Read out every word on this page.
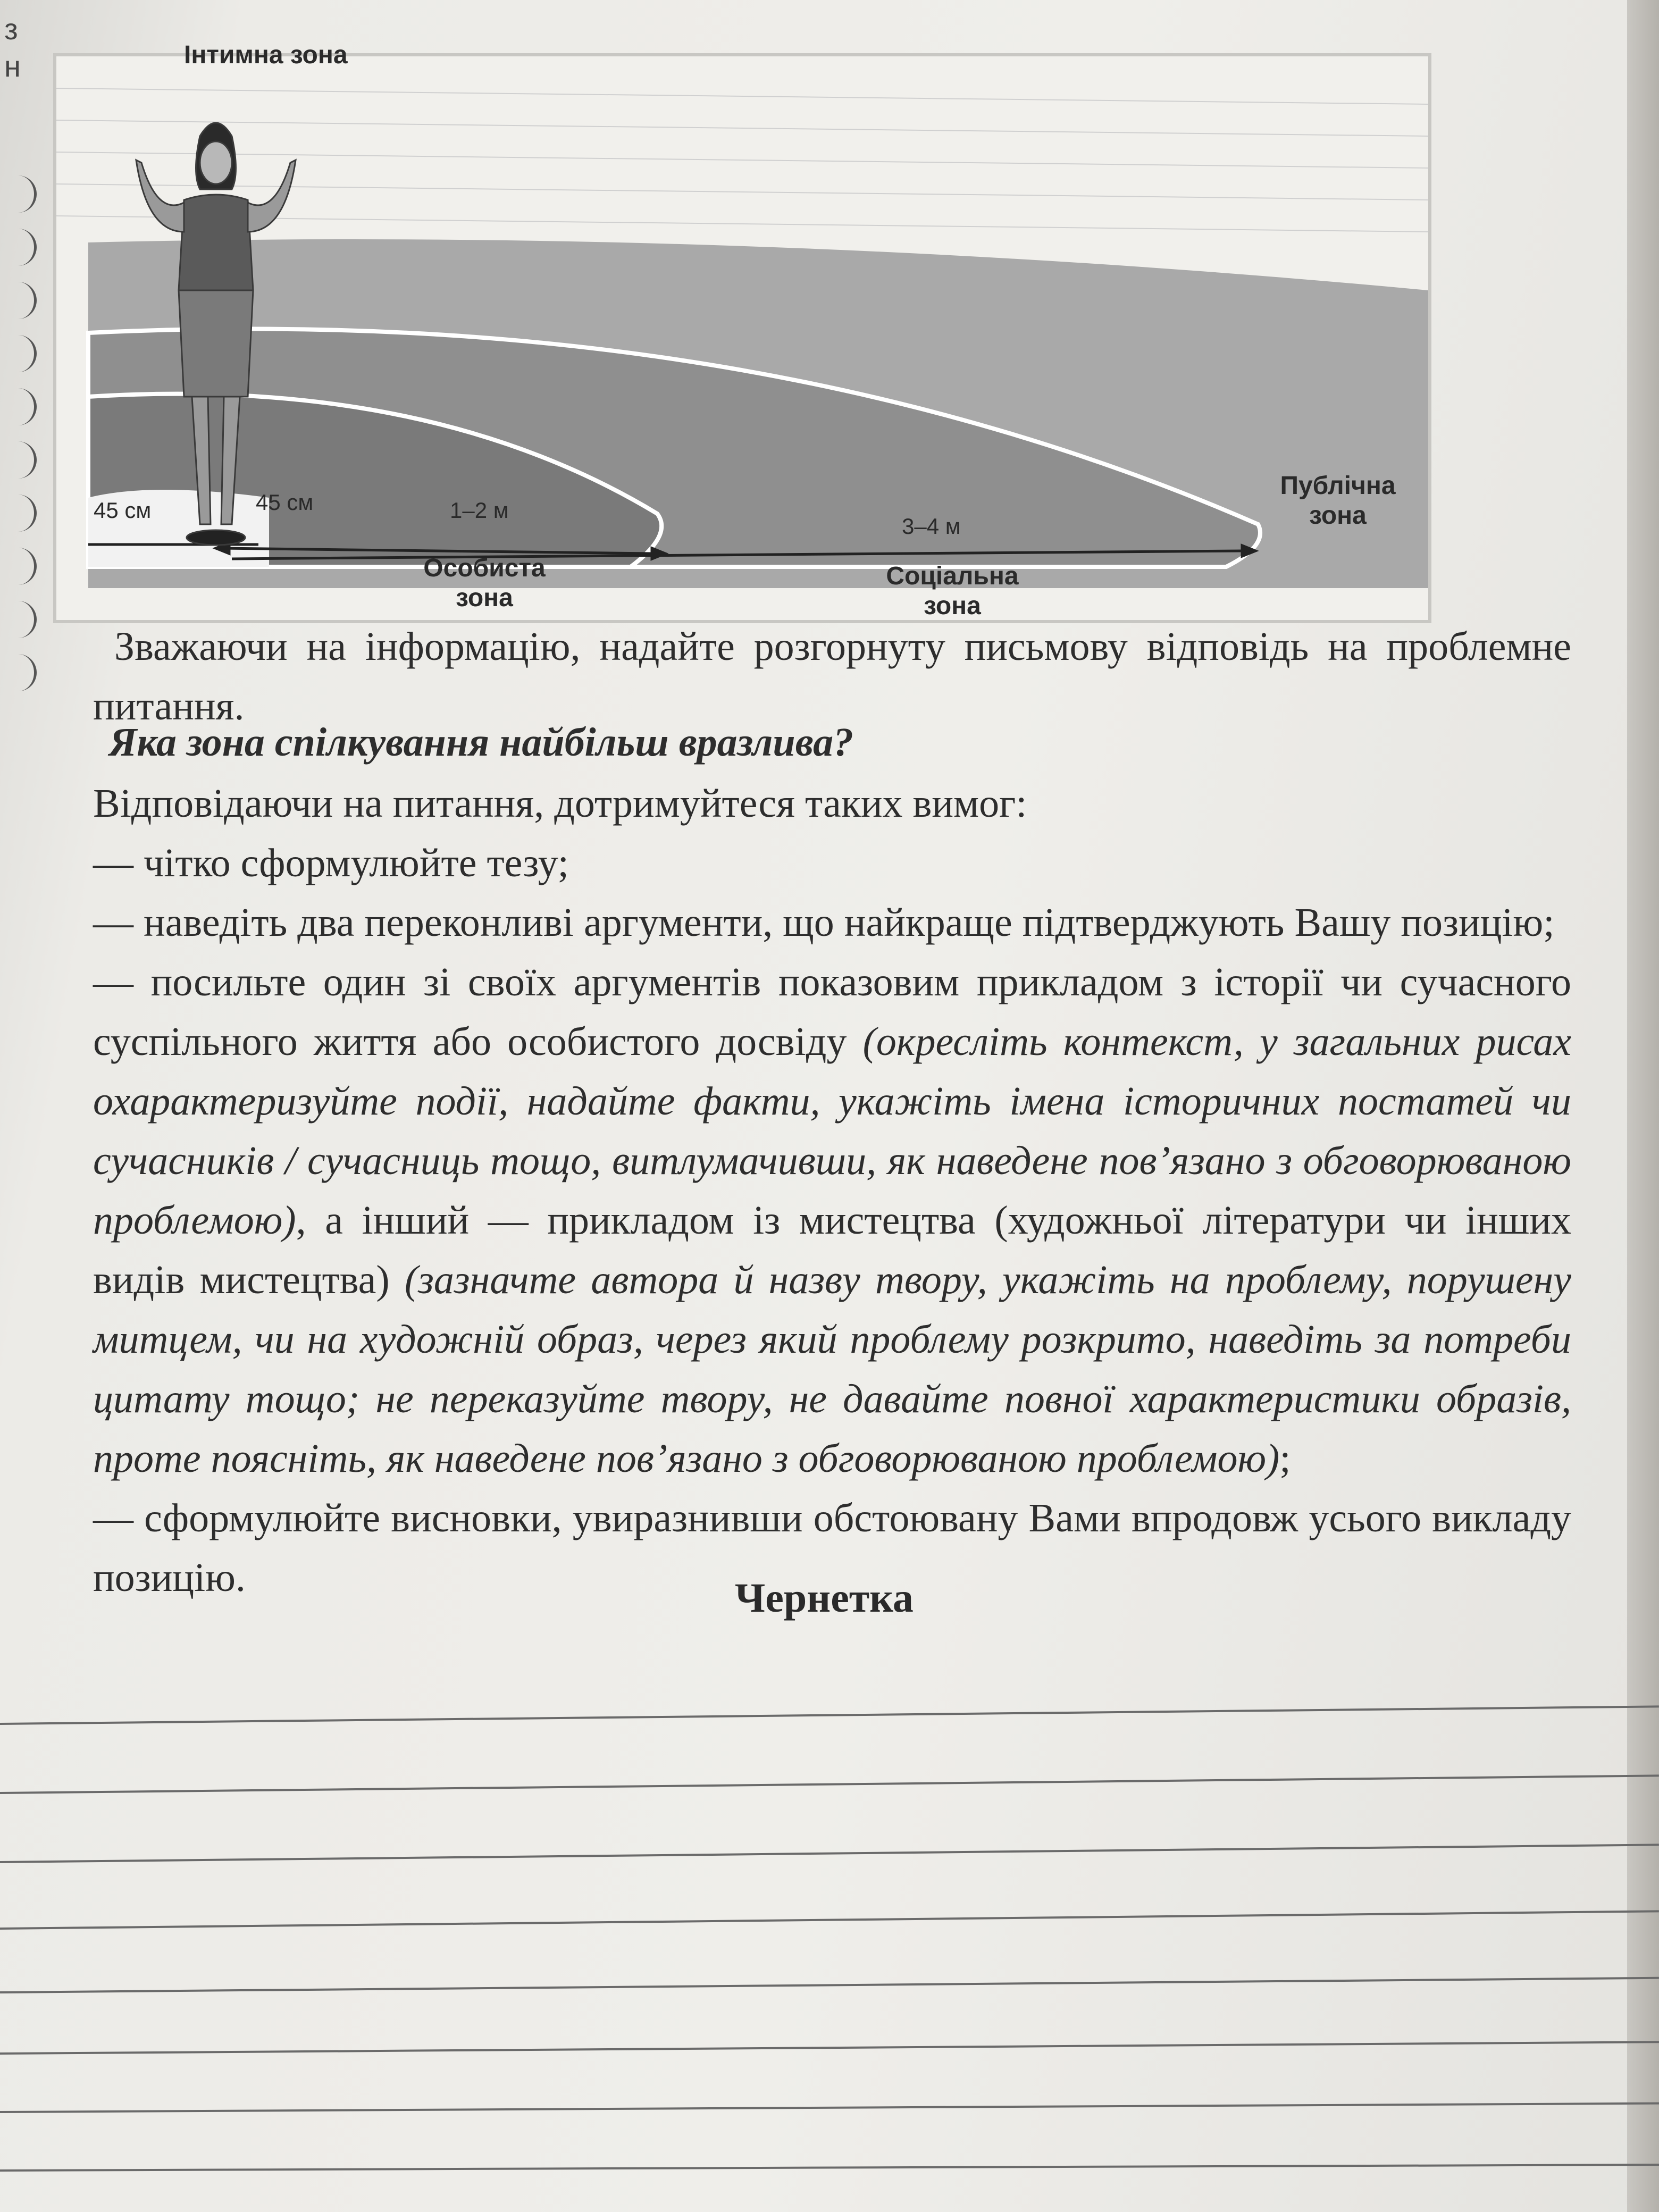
з н	Інтимна зона
45 см	45 см	1–2 м
3–4 м
Особиста зона
Соціальна зона
Публічна зона
Зважаючи на інформацію, надайте розгорнуту письмову відповідь на проблемне питання.
Яка зона спілкування найбільш вразлива?

Відповідаючи на питання, дотримуйтеся таких вимог:

— чітко сформулюйте тезу;

— наведіть два переконливі аргументи, що найкраще підтверджують Вашу позицію;

— посильте один зі своїх аргументів показовим прикладом з історії чи сучасного суспільного життя або особистого досвіду (окресліть контекст, у загальних рисах охарактеризуйте події, надайте факти, укажіть імена історичних постатей чи сучасників / сучасниць тощо, витлумачивши, як наведене пов’язано з обговорюваною проблемою), а інший — прикладом із мистецтва (художньої літератури чи інших видів мистецтва) (зазначте автора й назву твору, укажіть на проблему, порушену митцем, чи на художній образ, через який проблему розкрито, наведіть за потреби цитату тощо; не переказуйте твору, не давайте повної характеристики образів, проте поясніть, як наведене пов’язано з обговорюваною проблемою);

— сформулюйте висновки, увиразнивши обстоювану Вами впродовж усього викладу позицію.	Чернетка
